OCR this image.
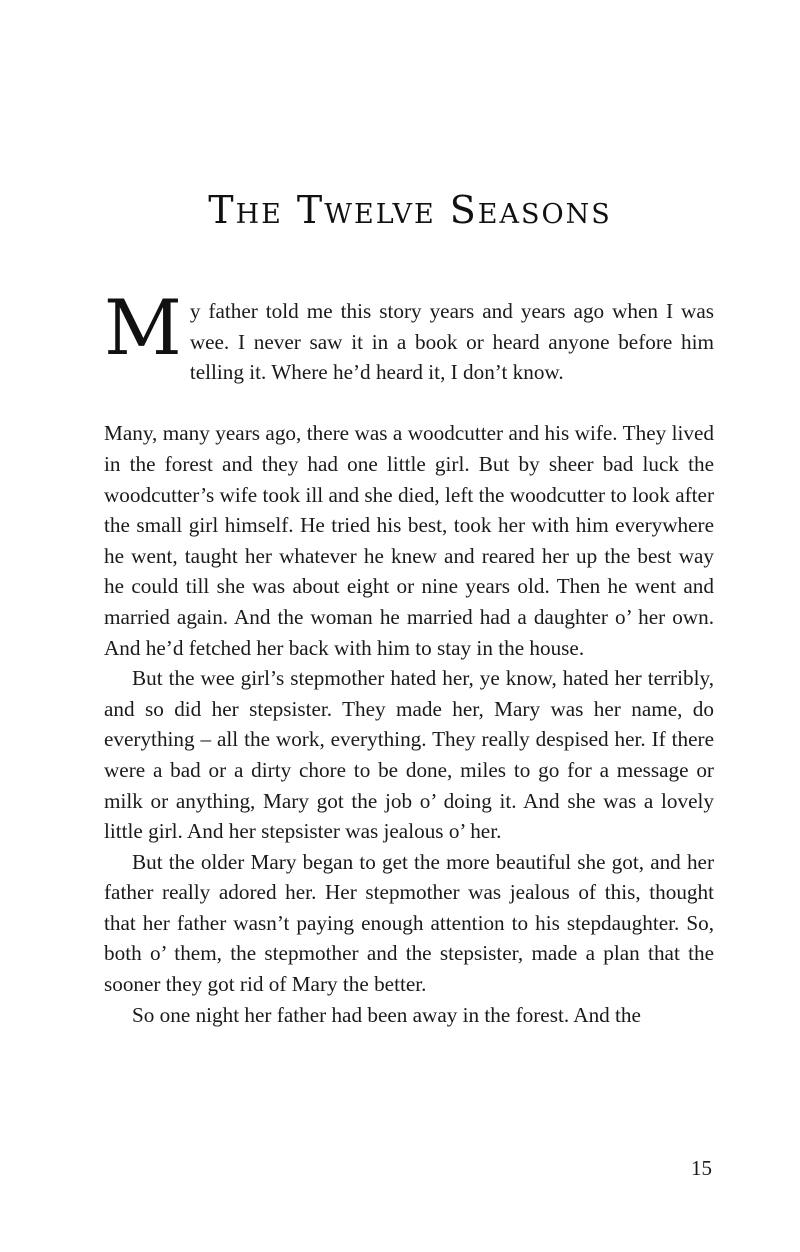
The Twelve Seasons

My father told me this story years and years ago when I was wee. I never saw it in a book or heard anyone before him telling it. Where he’d heard it, I don’t know.

Many, many years ago, there was a woodcutter and his wife. They lived in the forest and they had one little girl. But by sheer bad luck the woodcutter’s wife took ill and she died, left the woodcutter to look after the small girl himself. He tried his best, took her with him everywhere he went, taught her whatever he knew and reared her up the best way he could till she was about eight or nine years old. Then he went and married again. And the woman he married had a daughter o’ her own. And he’d fetched her back with him to stay in the house.

But the wee girl’s stepmother hated her, ye know, hated her terribly, and so did her stepsister. They made her, Mary was her name, do everything – all the work, everything. They really despised her. If there were a bad or a dirty chore to be done, miles to go for a message or milk or anything, Mary got the job o’ doing it. And she was a lovely little girl. And her stepsister was jealous o’ her.

But the older Mary began to get the more beautiful she got, and her father really adored her. Her stepmother was jealous of this, thought that her father wasn’t paying enough attention to his stepdaughter. So, both o’ them, the stepmother and the stepsister, made a plan that the sooner they got rid of Mary the better.

So one night her father had been away in the forest. And the

15
